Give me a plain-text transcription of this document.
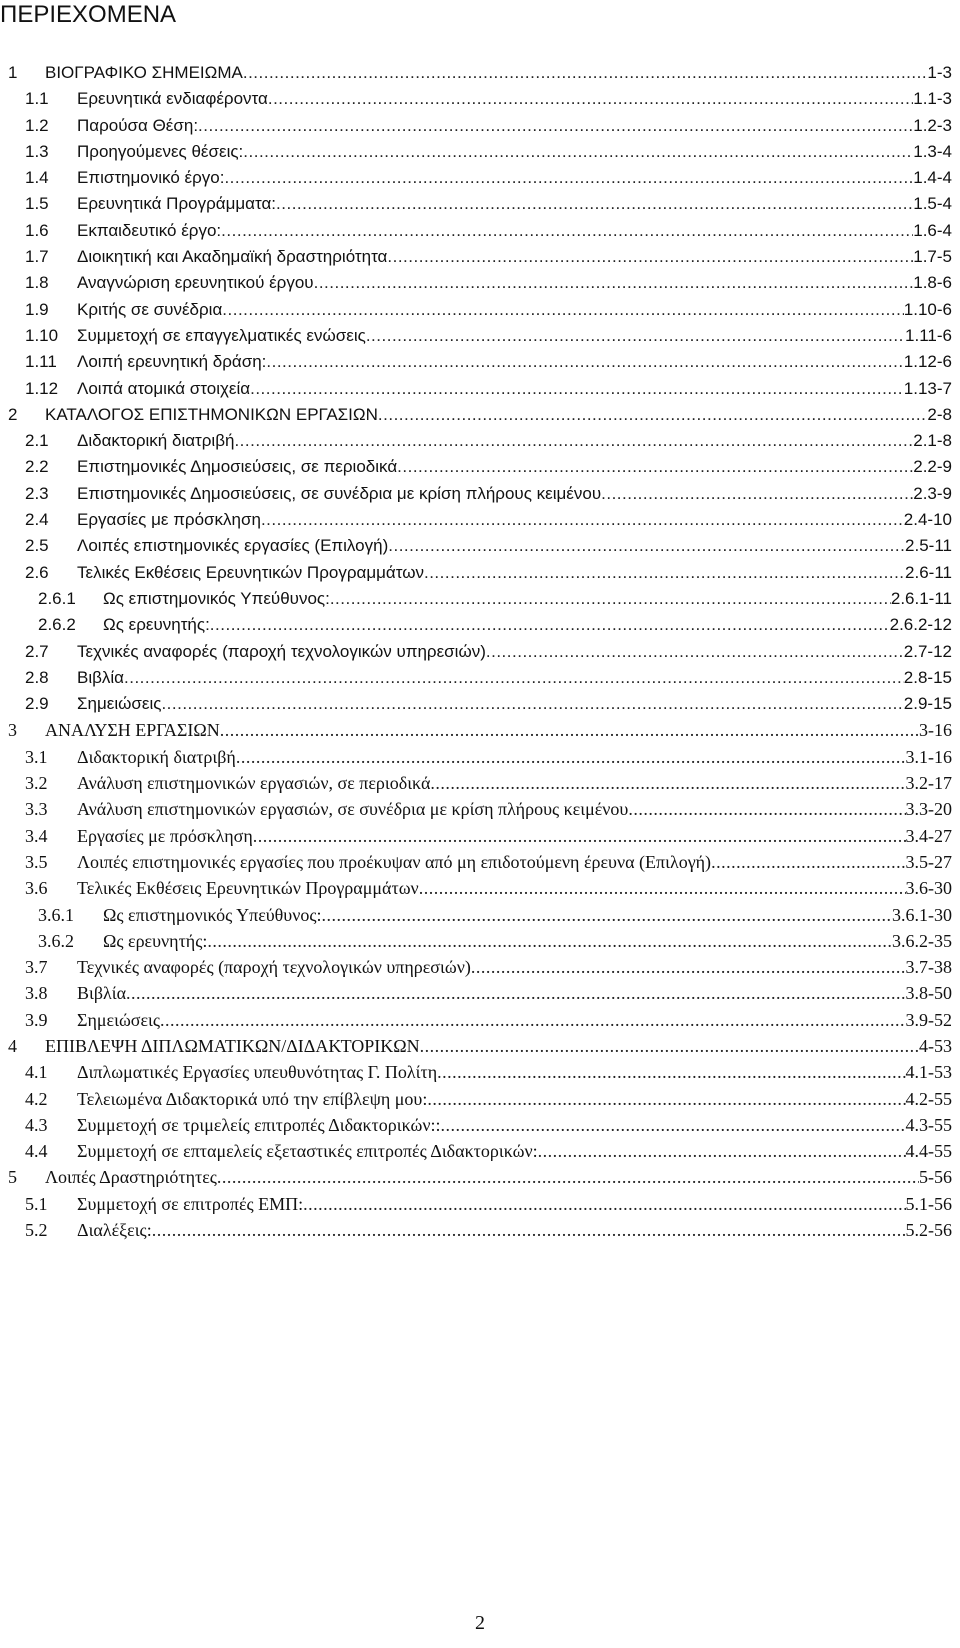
ΠΕΡΙΕΧΟΜΕΝΑ
1	ΒΙΟΓΡΑΦΙΚΟ ΣΗΜΕΙΩΜΑ .....	1-3
1.1	Ερευνητικά ενδιαφέροντα .....	1.1-3
1.2	Παρούσα Θέση: .....	1.2-3
1.3	Προηγούμενες θέσεις: .....	1.3-4
1.4	Επιστημονικό έργο: .....	1.4-4
1.5	Ερευνητικά Προγράμματα: .....	1.5-4
1.6	Εκπαιδευτικό έργο: .....	1.6-4
1.7	Διοικητική και Ακαδημαϊκή δραστηριότητα .....	1.7-5
1.8	Αναγνώριση ερευνητικού έργου .....	1.8-6
1.9	Κριτής σε συνέδρια .....	1.10-6
1.10	Συμμετοχή σε επαγγελματικές ενώσεις .....	1.11-6
1.11	Λοιπή ερευνητική δράση: .....	1.12-6
1.12	Λοιπά ατομικά στοιχεία .....	1.13-7
2	ΚΑΤΑΛΟΓΟΣ ΕΠΙΣΤΗΜΟΝΙΚΩΝ ΕΡΓΑΣΙΩΝ .....	2-8
2.1	Διδακτορική διατριβή .....	2.1-8
2.2	Επιστημονικές Δημοσιεύσεις, σε περιοδικά .....	2.2-9
2.3	Επιστημονικές Δημοσιεύσεις, σε συνέδρια με κρίση πλήρους κειμένου .....	2.3-9
2.4	Εργασίες με πρόσκληση .....	2.4-10
2.5	Λοιπές επιστημονικές εργασίες (Επιλογή) .....	2.5-11
2.6	Τελικές Εκθέσεις Ερευνητικών Προγραμμάτων .....	2.6-11
2.6.1	Ως επιστημονικός Υπεύθυνος: .....	2.6.1-11
2.6.2	Ως ερευνητής: .....	2.6.2-12
2.7	Τεχνικές αναφορές (παροχή τεχνολογικών υπηρεσιών) .....	2.7-12
2.8	Βιβλία .....	2.8-15
2.9	Σημειώσεις .....	2.9-15
3	ΑΝΑΛΥΣΗ ΕΡΓΑΣΙΩΝ .....	3-16
3.1	Διδακτορική διατριβή .....	3.1-16
3.2	Ανάλυση επιστημονικών εργασιών, σε περιοδικά .....	3.2-17
3.3	Ανάλυση επιστημονικών εργασιών, σε συνέδρια με κρίση πλήρους κειμένου .....	3.3-20
3.4	Εργασίες με πρόσκληση .....	3.4-27
3.5	Λοιπές επιστημονικές εργασίες που προέκυψαν από μη επιδοτούμενη έρευνα (Επιλογή) .....	3.5-27
3.6	Τελικές Εκθέσεις Ερευνητικών Προγραμμάτων .....	3.6-30
3.6.1	Ως επιστημονικός Υπεύθυνος: .....	3.6.1-30
3.6.2	Ως ερευνητής: .....	3.6.2-35
3.7	Τεχνικές αναφορές (παροχή τεχνολογικών υπηρεσιών) .....	3.7-38
3.8	Βιβλία .....	3.8-50
3.9	Σημειώσεις .....	3.9-52
4	ΕΠΙΒΛΕΨΗ ΔΙΠΛΩΜΑΤΙΚΩΝ/ΔΙΔΑΚΤΟΡΙΚΩΝ .....	4-53
4.1	Διπλωματικές Εργασίες υπευθυνότητας Γ. Πολίτη .....	4.1-53
4.2	Τελειωμένα Διδακτορικά υπό την επίβλεψη μου: .....	4.2-55
4.3	Συμμετοχή σε τριμελείς επιτροπές Διδακτορικών:: .....	4.3-55
4.4	Συμμετοχή σε επταμελείς εξεταστικές επιτροπές Διδακτορικών: .....	4.4-55
5	Λοιπές Δραστηριότητες .....	5-56
5.1	Συμμετοχή σε επιτροπές ΕΜΠ: .....	5.1-56
5.2	Διαλέξεις: .....	5.2-56
2
